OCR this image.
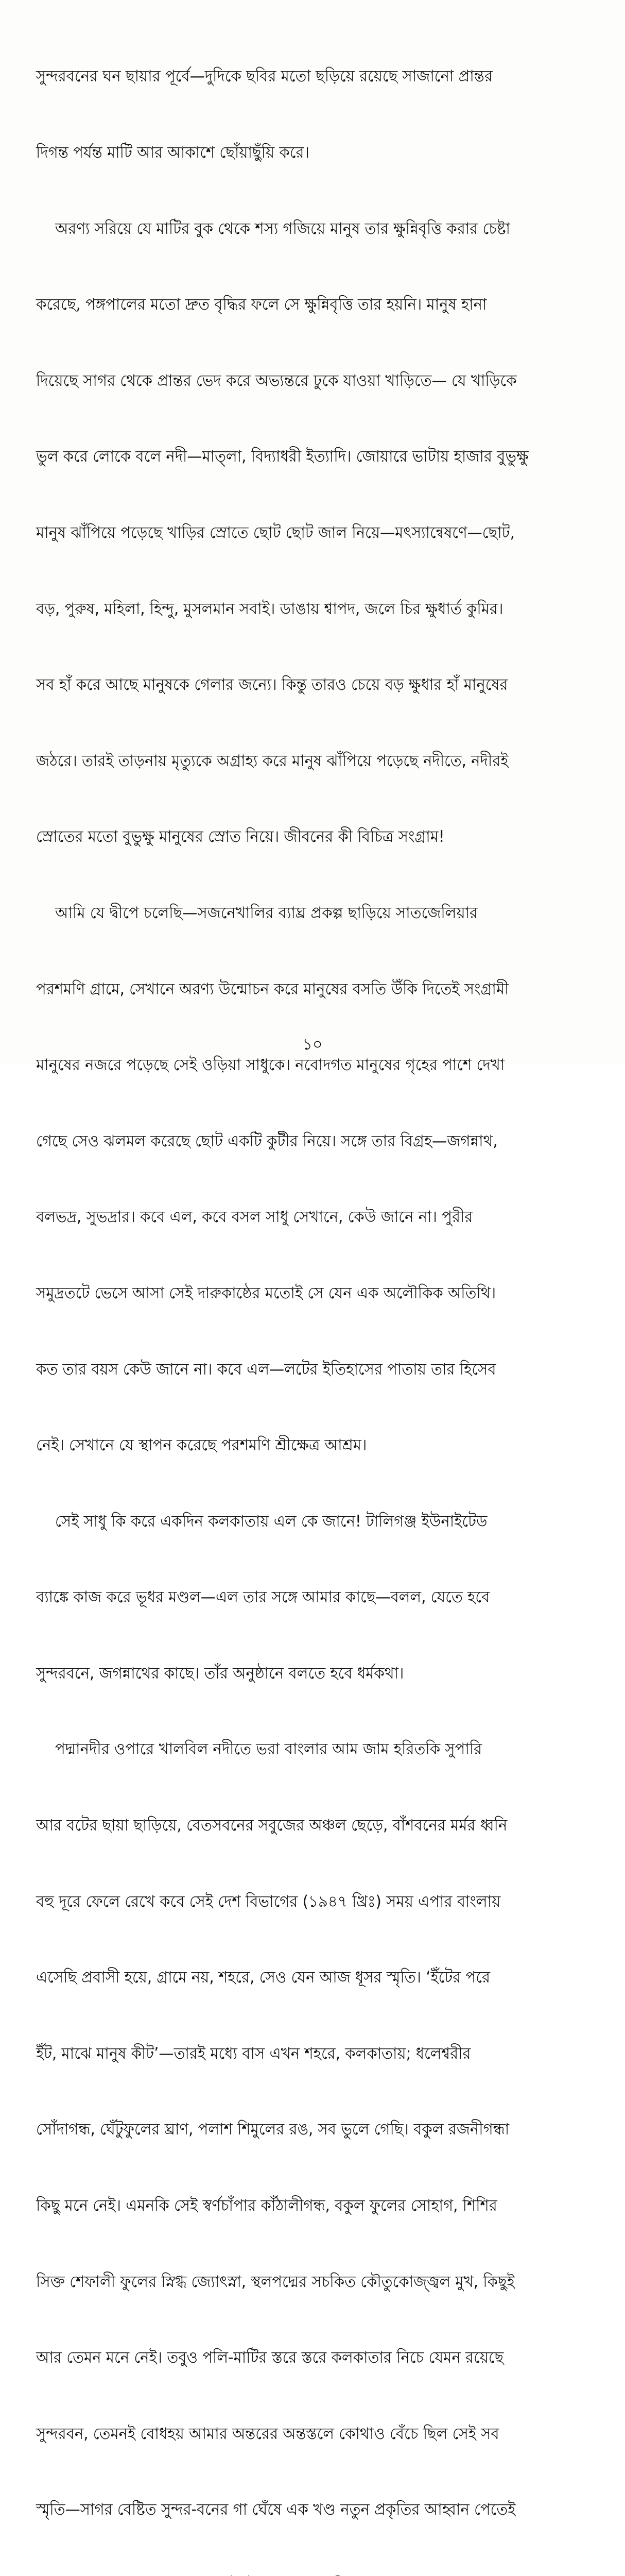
সুন্দরবনের ঘন ছায়ার পূর্বে—দুদিকে ছবির মতো ছড়িয়ে রয়েছে সাজানো প্রান্তর

দিগন্ত পর্যন্ত মাটি আর আকাশে ছোঁয়াছুঁয়ি করে।

অরণ্য সরিয়ে যে মাটির বুক থেকে শস্য গজিয়ে মানুষ তার ক্ষুন্নিবৃত্তি করার চেষ্টা

করেছে, পঙ্গপালের মতো দ্রুত বৃদ্ধির ফলে সে ক্ষুন্নিবৃত্তি তার হয়নি। মানুষ হানা

দিয়েছে সাগর থেকে প্রান্তর ভেদ করে অভ্যন্তরে ঢুকে যাওয়া খাড়িতে— যে খাড়িকে

ভুল করে লোকে বলে নদী—মাত্‌লা, বিদ্যাধরী ইত্যাদি। জোয়ারে ভাটায় হাজার বুভুক্ষু

মানুষ ঝাঁপিয়ে পড়েছে খাড়ির স্রোতে ছোট ছোট জাল নিয়ে—মৎস্যান্বেষণে—ছোট,

বড়, পুরুষ, মহিলা, হিন্দু, মুসলমান সবাই। ডাঙায় শ্বাপদ, জলে চির ক্ষুধার্ত কুমির।

সব হাঁ করে আছে মানুষকে গেলার জন্যে। কিন্তু তারও চেয়ে বড় ক্ষুধার হাঁ মানুষের

জঠরে। তারই তাড়নায় মৃত্যুকে অগ্রাহ্য করে মানুষ ঝাঁপিয়ে পড়েছে নদীতে, নদীরই

স্রোতের মতো বুভুক্ষু মানুষের স্রোত নিয়ে। জীবনের কী বিচিত্র সংগ্রাম!

আমি যে দ্বীপে চলেছি—সজনেখালির ব্যাঘ্র প্রকল্প ছাড়িয়ে সাতজেলিয়ার

পরশমণি গ্রামে, সেখানে অরণ্য উন্মোচন করে মানুষের বসতি উঁকি দিতেই সংগ্রামী

মানুষের নজরে পড়েছে সেই ওড়িয়া সাধুকে। নবোদগত মানুষের গৃহের পাশে দেখা

গেছে সেও ঝলমল করেছে ছোট একটি কুটীর নিয়ে। সঙ্গে তার বিগ্রহ—জগন্নাথ,

বলভদ্র, সুভদ্রার। কবে এল, কবে বসল সাধু সেখানে, কেউ জানে না। পুরীর

সমুদ্রতটে ভেসে আসা সেই দারুকাষ্ঠের মতোই সে যেন এক অলৌকিক অতিথি।

কত তার বয়স কেউ জানে না। কবে এল—লটের ইতিহাসের পাতায় তার হিসেব

নেই। সেখানে যে স্থাপন করেছে পরশমণি শ্রীক্ষেত্র আশ্রম।

সেই সাধু কি করে একদিন কলকাতায় এল কে জানে! টালিগঞ্জ ইউনাইটেড

ব্যাঙ্কে কাজ করে ভূধর মণ্ডল—এল তার সঙ্গে আমার কাছে—বলল, যেতে হবে

সুন্দরবনে, জগন্নাথের কাছে। তাঁর অনুষ্ঠানে বলতে হবে ধর্মকথা।

পদ্মানদীর ওপারে খালবিল নদীতে ভরা বাংলার আম জাম হরিতকি সুপারি

আর বটের ছায়া ছাড়িয়ে, বেতসবনের সবুজের অঞ্চল ছেড়ে, বাঁশবনের মর্মর ধ্বনি

বহু দূরে ফেলে রেখে কবে সেই দেশ বিভাগের (১৯৪৭ খ্রিঃ) সময় এপার বাংলায়

এসেছি প্রবাসী হয়ে, গ্রামে নয়, শহরে, সেও যেন আজ ধূসর স্মৃতি। ‘ইঁটের পরে

ইঁট, মাঝে মানুষ কীট’—তারই মধ্যে বাস এখন শহরে, কলকাতায়; ধলেশ্বরীর

সোঁদাগন্ধ, ঘেঁটুফুলের ঘ্রাণ, পলাশ শিমুলের রঙ, সব ভুলে গেছি। বকুল রজনীগন্ধা

কিছু মনে নেই। এমনকি সেই স্বর্ণচাঁপার কাঁঠালীগন্ধ, বকুল ফুলের সোহাগ, শিশির

সিক্ত শেফালী ফুলের স্নিগ্ধ জ্যোৎস্না, স্থলপদ্মের সচকিত কৌতুকোজ্জ্বল মুখ, কিছুই

আর তেমন মনে নেই। তবুও পলি-মাটির স্তরে স্তরে কলকাতার নিচে যেমন রয়েছে

সুন্দরবন, তেমনই বোধহয় আমার অন্তরের অন্তস্তলে কোথাও বেঁচে ছিল সেই সব

স্মৃতি—সাগর বেষ্টিত সুন্দর-বনের গা ঘেঁষে এক খণ্ড নতুন প্রকৃতির আহ্বান পেতেই

১০
